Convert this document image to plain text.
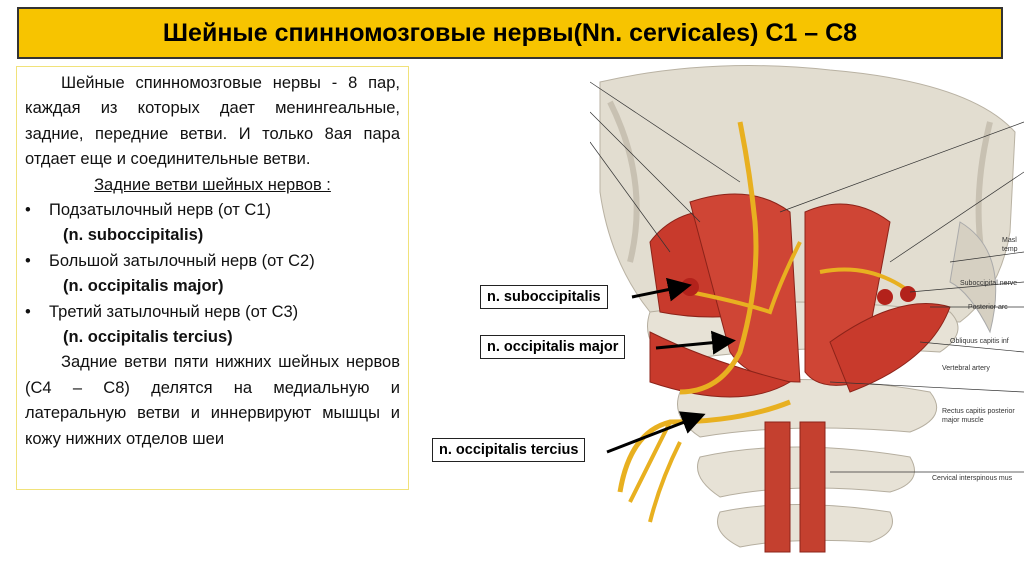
Шейные спинномозговые нервы(Nn. cervicales) C1 – C8

Шейные спинномозговые нервы - 8 пар, каждая из которых дает менингеальные, задние, передние ветви. И только 8ая пара отдает еще и соединительные ветви.

Задние ветви шейных нервов :

•	Подзатылочный нерв (от С1)

(n. suboccipitalis)

•	Большой затылочный нерв (от С2)

(n. occipitalis major)

•	Третий затылочный нерв (от С3)

(n. occipitalis tercius)

Задние ветви пяти нижних шейных нервов (С4 – С8) делятся на медиальную и латеральную ветви и иннервируют мышцы и кожу нижних отделов шеи

Masl
temp
Suboccipital nerve
Posterior arc
Obliquus capitis inf
Vertebral artery
Rectus capitis posterior
major muscle
Cervical interspinous mus
n. suboccipitalis
n. occipitalis major
n. occipitalis tercius
